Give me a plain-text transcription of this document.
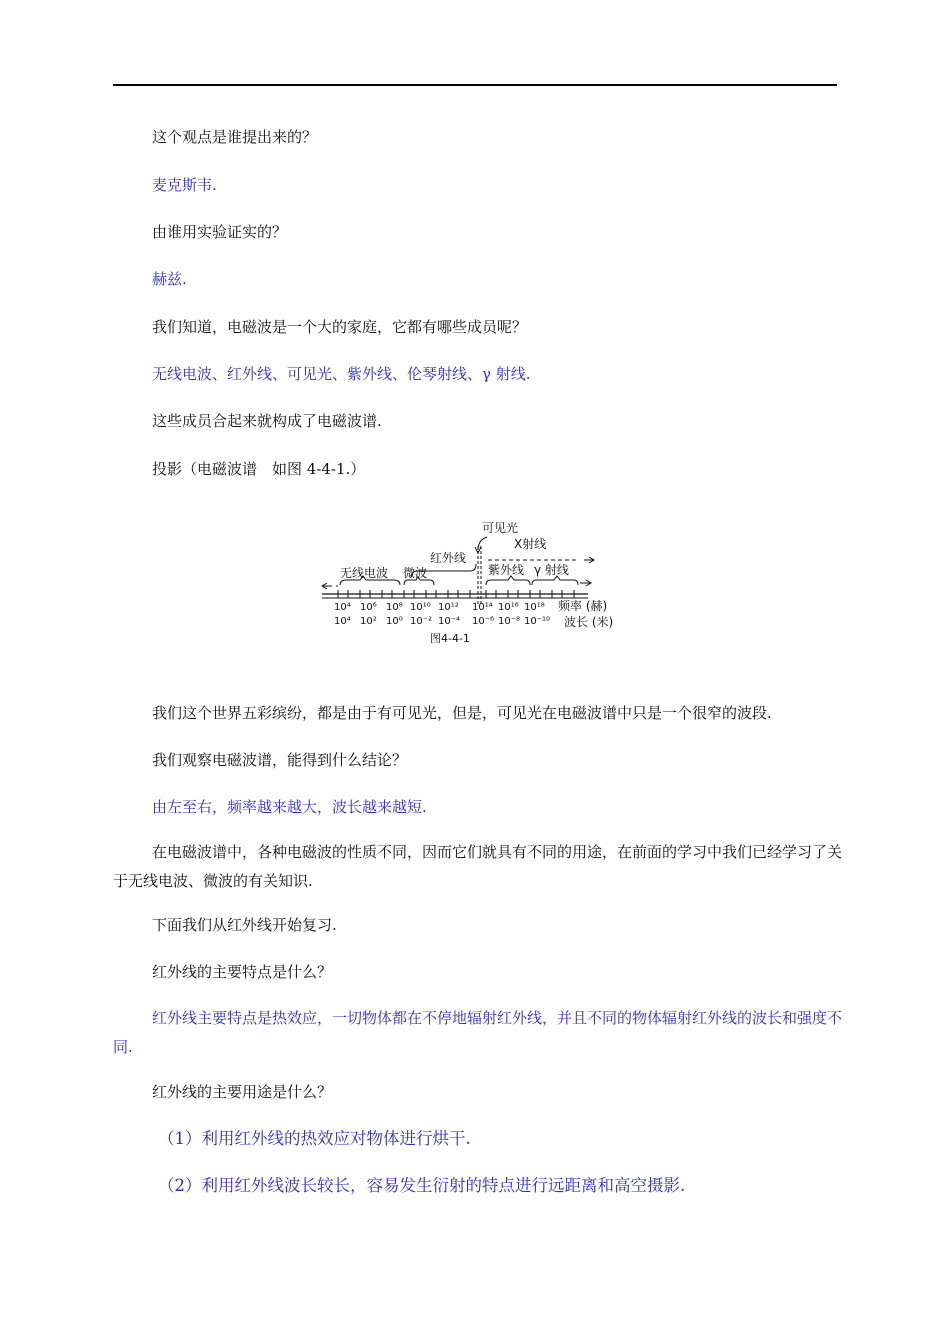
这个观点是谁提出来的？

麦克斯韦.

由谁用实验证实的？

赫兹.

我们知道，电磁波是一个大的家庭，它都有哪些成员呢？

无线电波、红外线、可见光、紫外线、伦琴射线、γ 射线.

这些成员合起来就构成了电磁波谱.

投影（电磁波谱　如图 4-4-1.）

可见光
X射线
红外线
无线电波 微波	紫外线 γ 射线
10⁴ 10⁶ 10⁸ 10¹⁰ 10¹² 10¹⁴ 10¹⁶ 10¹⁸ 频率 (赫)
10⁴ 10² 10⁰ 10⁻² 10⁻⁴ 10⁻⁶ 10⁻⁸ 10⁻¹⁰ 波长 (米)
图4-4-1

我们这个世界五彩缤纷，都是由于有可见光，但是，可见光在电磁波谱中只是一个很窄的波段.

我们观察电磁波谱，能得到什么结论？

由左至右，频率越来越大，波长越来越短.

在电磁波谱中，各种电磁波的性质不同，因而它们就具有不同的用途，在前面的学习中我们已经学习了关于无线电波、微波的有关知识.

下面我们从红外线开始复习.

红外线的主要特点是什么？

红外线主要特点是热效应，一切物体都在不停地辐射红外线，并且不同的物体辐射红外线的波长和强度不同.

红外线的主要用途是什么？

（1）利用红外线的热效应对物体进行烘干.

（2）利用红外线波长较长，容易发生衍射的特点进行远距离和高空摄影.
